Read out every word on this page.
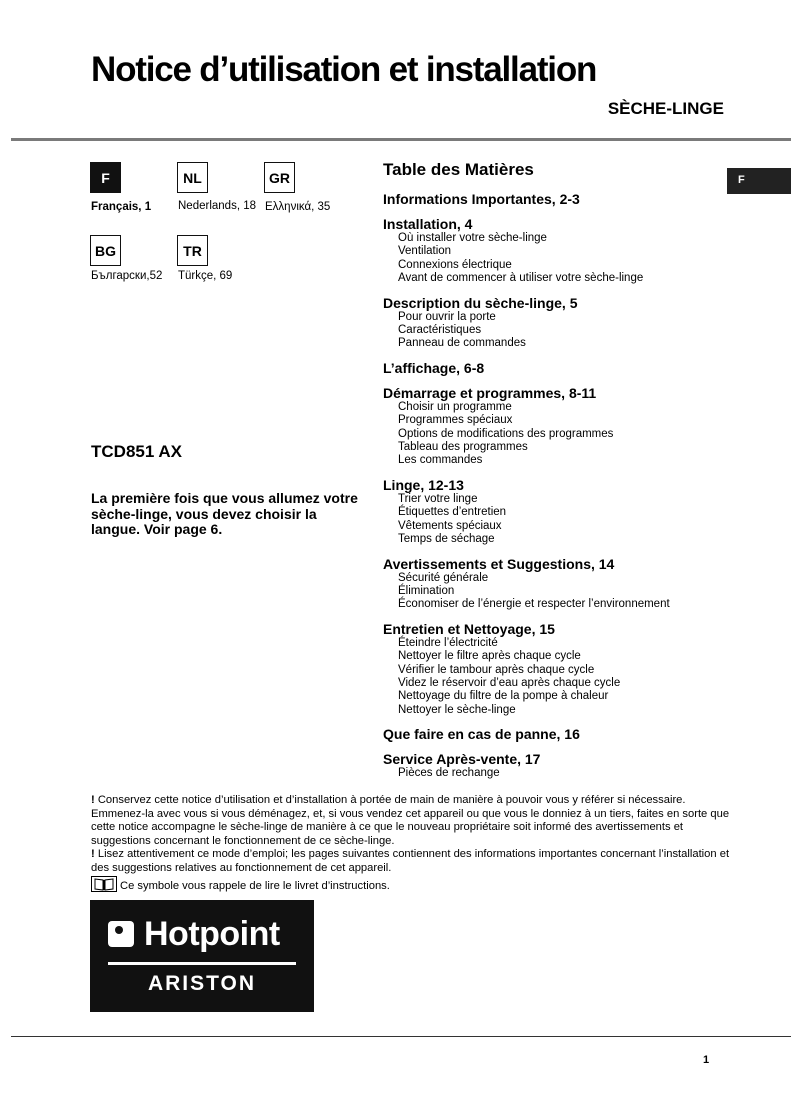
Notice d’utilisation et installation
SÈCHE-LINGE
F	NL	GR
Français, 1 Nederlands, 18 Ελληνικά, 35
BG	TR
Български,52 Türkçe, 69
F
TCD851 AX
La première fois que vous allumez votre sèche-linge, vous devez choisir la langue. Voir page 6.
Table des Matières
Informations Importantes, 2-3
Installation, 4
Où installer votre sèche-linge
Ventilation
Connexions électrique
Avant de commencer à utiliser votre sèche-linge
Description du sèche-linge, 5
Pour ouvrir la porte
Caractéristiques
Panneau de commandes
L’affichage, 6-8
Démarrage et programmes, 8-11
Choisir un programme
Programmes spéciaux
Options de modifications des programmes
Tableau des programmes
Les commandes
Linge, 12-13
Trier votre linge
Étiquettes d’entretien
Vêtements spéciaux
Temps de séchage
Avertissements et Suggestions, 14
Sécurité générale
Élimination
Économiser de l’énergie et respecter l’environnement
Entretien et Nettoyage, 15
Éteindre l’électricité
Nettoyer le filtre après chaque cycle
Vérifier le tambour après chaque cycle
Videz le réservoir d’eau après chaque cycle
Nettoyage du filtre de la pompe à chaleur
Nettoyer le sèche-linge
Que faire en cas de panne, 16
Service Après-vente, 17
Pièces de rechange

! Conservez cette notice d’utilisation et d’installation à portée de main de manière à pouvoir vous y référer si nécessaire. Emmenez-la avec vous si vous déménagez, et, si vous vendez cet appareil ou que vous le donniez à un tiers, faites en sorte que cette notice accompagne le sèche-linge de manière à ce que le nouveau propriétaire soit informé des avertissements et suggestions concernant le fonctionnement de ce sèche-linge.

! Lisez attentivement ce mode d’emploi; les pages suivantes contiennent des informations importantes concernant l’installation et des suggestions relatives au fonctionnement de cet appareil.

Ce symbole vous rappele de lire le livret d’instructions.

Hotpoint
ARISTON
1
